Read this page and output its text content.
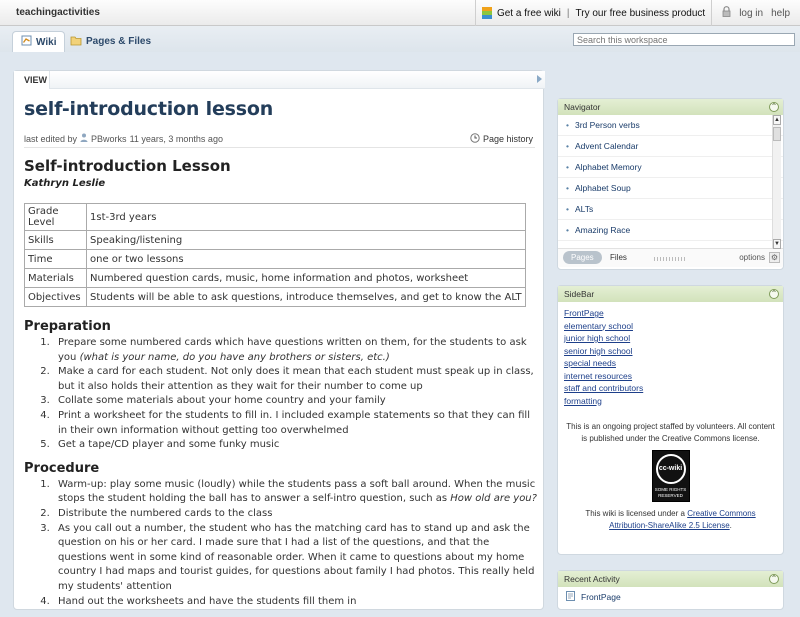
teachingactivities	Get a free wiki | Try our free business product	log in help
Wiki	Pages & Files
Search this workspace
VIEW
self-introduction lesson
last edited by PBworks 11 years, 3 months ago	Page history
Self-introduction Lesson
Kathryn Leslie
Grade Level	1st-3rd years
Skills	Speaking/listening
Time	one or two lessons
Materials	Numbered question cards, music, home information and photos, worksheet
Objectives	Students will be able to ask questions, introduce themselves, and get to know the ALT
Preparation
1. Prepare some numbered cards which have questions written on them, for the students to ask you (what is your name, do you have any brothers or sisters, etc.)
2. Make a card for each student. Not only does it mean that each student must speak up in class, but it also holds their attention as they wait for their number to come up
3. Collate some materials about your home country and your family
4. Print a worksheet for the students to fill in. I included example statements so that they can fill in their own information without getting too overwhelmed
5. Get a tape/CD player and some funky music
Procedure
1. Warm-up: play some music (loudly) while the students pass a soft ball around. When the music stops the student holding the ball has to answer a self-intro question, such as How old are you?
2. Distribute the numbered cards to the class
3. As you call out a number, the student who has the matching card has to stand up and ask the question on his or her card. I made sure that I had a list of the questions, and that the questions went in some kind of reasonable order. When it came to questions about my home country I had maps and tourist guides, for questions about family I had photos. This really held my students' attention
4. Hand out the worksheets and have the students fill them in
Navigator	⌃
• 3rd Person verbs
• Advent Calendar
• Alphabet Memory
• Alphabet Soup
• ALTs
• Amazing Race
▲
▼
Pages	Files	options ⚙
SideBar	⌃
FrontPage
elementary school
junior high school
senior high school
special needs
internet resources
staff and contributors
formatting
This is an ongoing project staffed by volunteers. All content is published under the Creative Commons license.
cc-wiki
SOME RIGHTS RESERVED
This wiki is licensed under a Creative Commons
Attribution-ShareAlike 2.5 License.
Recent Activity	⌃
FrontPage
